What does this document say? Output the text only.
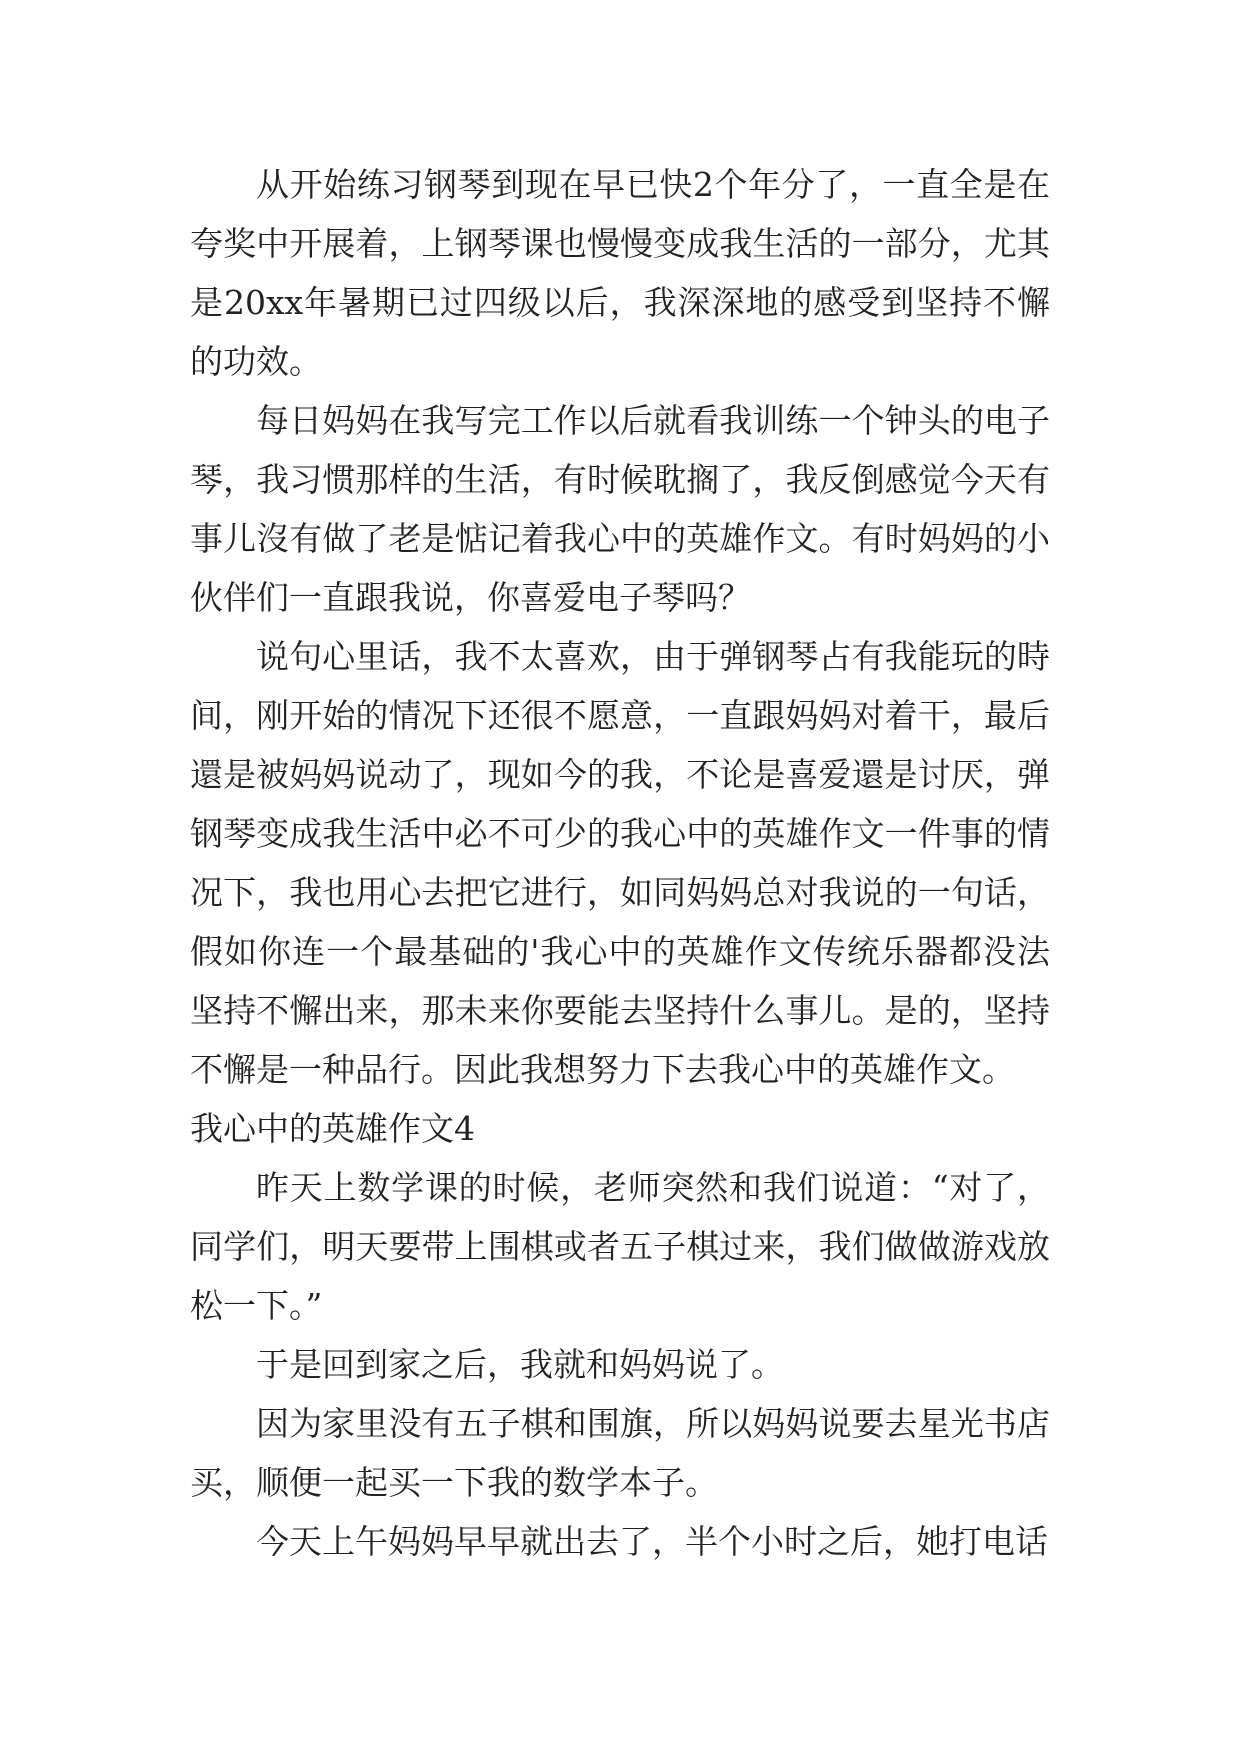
从开始练习钢琴到现在早已快2个年分了，一直全是在夸奖中开展着，上钢琴课也慢慢变成我生活的一部分，尤其是20xx年暑期已过四级以后，我深深地的感受到坚持不懈的功效。

每日妈妈在我写完工作以后就看我训练一个钟头的电子琴，我习惯那样的生活，有时候耽搁了，我反倒感觉今天有事儿沒有做了老是惦记着我心中的英雄作文。有时妈妈的小伙伴们一直跟我说，你喜爱电子琴吗？

说句心里话，我不太喜欢，由于弹钢琴占有我能玩的時间，刚开始的情况下还很不愿意，一直跟妈妈对着干，最后還是被妈妈说动了，现如今的我，不论是喜爱還是讨厌，弹钢琴变成我生活中必不可少的我心中的英雄作文一件事的情况下，我也用心去把它进行，如同妈妈总对我说的一句话，假如你连一个最基础的'我心中的英雄作文传统乐器都没法坚持不懈出来，那未来你要能去坚持什么事儿。是的，坚持不懈是一种品行。因此我想努力下去我心中的英雄作文。

我心中的英雄作文4

昨天上数学课的时候，老师突然和我们说道：“对了，同学们，明天要带上围棋或者五子棋过来，我们做做游戏放松一下。”

于是回到家之后，我就和妈妈说了。

因为家里没有五子棋和围旗，所以妈妈说要去星光书店买，顺便一起买一下我的数学本子。

今天上午妈妈早早就出去了，半个小时之后，她打电话
